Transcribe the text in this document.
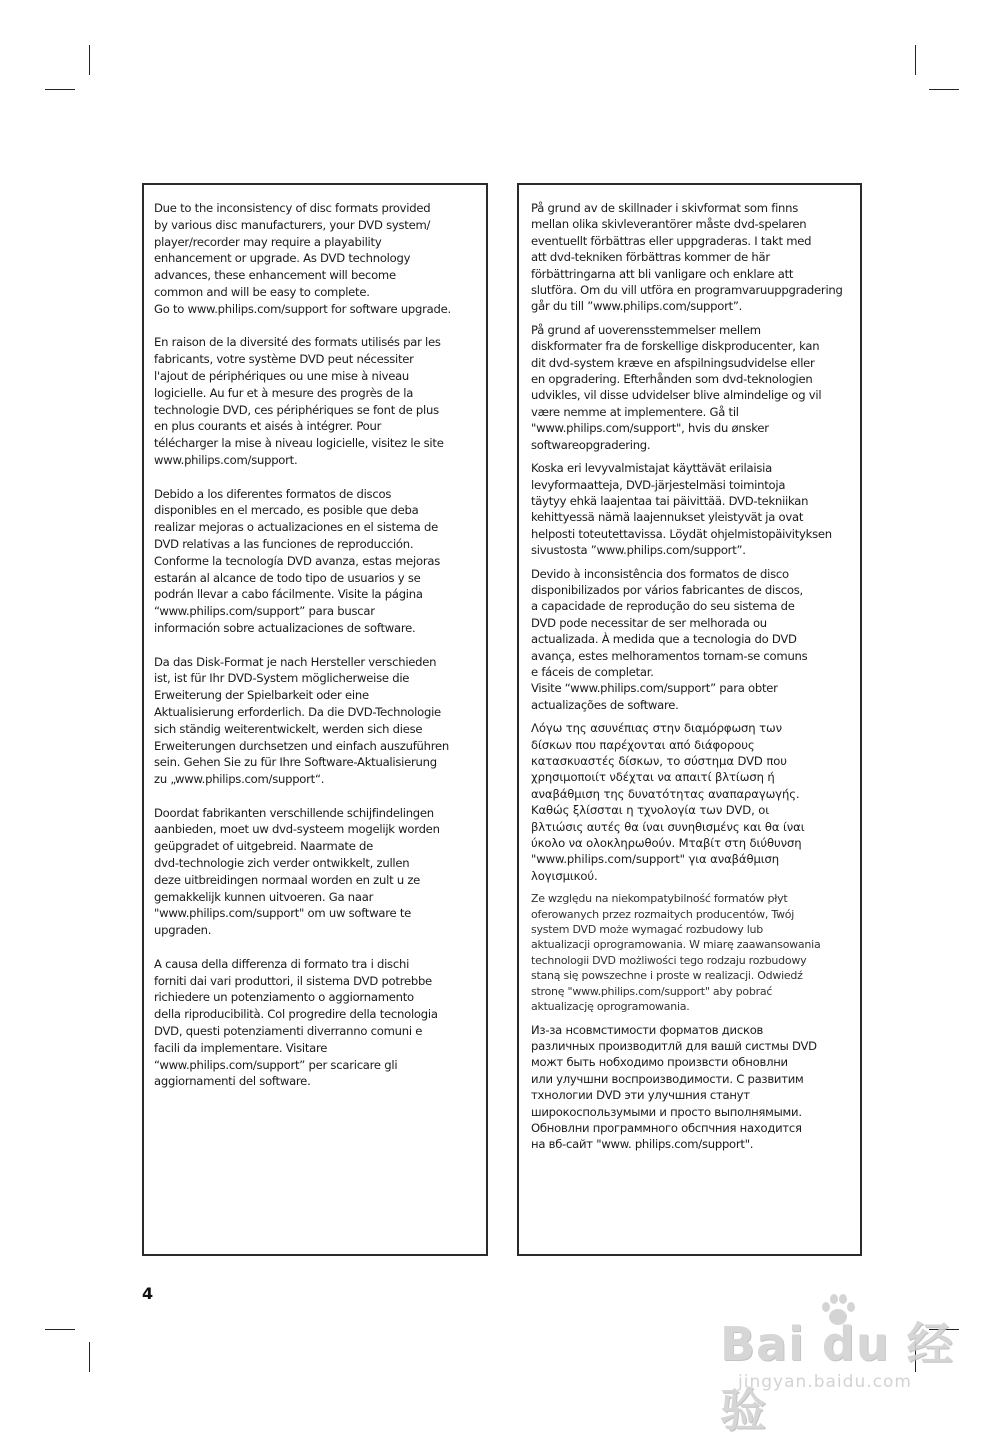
Due to the inconsistency of disc formats provided
by various disc manufacturers, your DVD system/
player/recorder may require a playability
enhancement or upgrade. As DVD technology
advances, these enhancement will become
common and will be easy to complete.
Go to www.philips.com/support for software upgrade.

En raison de la diversité des formats utilisés par les
fabricants, votre système DVD peut nécessiter
l'ajout de périphériques ou une mise à niveau
logicielle. Au fur et à mesure des progrès de la
technologie DVD, ces périphériques se font de plus
en plus courants et aisés à intégrer. Pour
télécharger la mise à niveau logicielle, visitez le site
www.philips.com/support.

Debido a los diferentes formatos de discos
disponibles en el mercado, es posible que deba
realizar mejoras o actualizaciones en el sistema de
DVD relativas a las funciones de reproducción.
Conforme la tecnología DVD avanza, estas mejoras
estarán al alcance de todo tipo de usuarios y se
podrán llevar a cabo fácilmente. Visite la página
“www.philips.com/support” para buscar
información sobre actualizaciones de software.

Da das Disk-Format je nach Hersteller verschieden
ist, ist für Ihr DVD-System möglicherweise die
Erweiterung der Spielbarkeit oder eine
Aktualisierung erforderlich. Da die DVD-Technologie
sich ständig weiterentwickelt, werden sich diese
Erweiterungen durchsetzen und einfach auszuführen
sein. Gehen Sie zu für Ihre Software-Aktualisierung
zu „www.philips.com/support“.

Doordat fabrikanten verschillende schijfindelingen
aanbieden, moet uw dvd-systeem mogelijk worden
geüpgradet of uitgebreid. Naarmate de
dvd-technologie zich verder ontwikkelt, zullen
deze uitbreidingen normaal worden en zult u ze
gemakkelijk kunnen uitvoeren. Ga naar
"www.philips.com/support" om uw software te
upgraden.

A causa della differenza di formato tra i dischi
forniti dai vari produttori, il sistema DVD potrebbe
richiedere un potenziamento o aggiornamento
della riproducibilità. Col progredire della tecnologia
DVD, questi potenziamenti diverranno comuni e
facili da implementare. Visitare
“www.philips.com/support” per scaricare gli
aggiornamenti del software.

På grund av de skillnader i skivformat som finns
mellan olika skivleverantörer måste dvd-spelaren
eventuellt förbättras eller uppgraderas. I takt med
att dvd-tekniken förbättras kommer de här
förbättringarna att bli vanligare och enklare att
slutföra. Om du vill utföra en programvaruuppgradering
går du till ”www.philips.com/support”.

På grund af uoverensstemmelser mellem
diskformater fra de forskellige diskproducenter, kan
dit dvd-system kræve en afspilningsudvidelse eller
en opgradering. Efterhånden som dvd-teknologien
udvikles, vil disse udvidelser blive almindelige og vil
være nemme at implementere. Gå til
"www.philips.com/support", hvis du ønsker
softwareopgradering.

Koska eri levyvalmistajat käyttävät erilaisia
levyformaatteja, DVD-järjestelmäsi toimintoja
täytyy ehkä laajentaa tai päivittää. DVD-tekniikan
kehittyessä nämä laajennukset yleistyvät ja ovat
helposti toteutettavissa. Löydät ohjelmistopäivityksen
sivustosta ”www.philips.com/support”.

Devido à inconsistência dos formatos de disco
disponibilizados por vários fabricantes de discos,
a capacidade de reprodução do seu sistema de
DVD pode necessitar de ser melhorada ou
actualizada. À medida que a tecnologia do DVD
avança, estes melhoramentos tornam-se comuns
e fáceis de completar.
Visite “www.philips.com/support” para obter
actualizações de software.

Λόγω της ασυνέπιας στην διαμόρφωση των
δίσκων που παρέχονται από διάφορους
κατασκυαστές δίσκων, το σύστημα DVD που
χρησιμοποιίτ νδέχται να απαιτί βλτίωση ή
αναβάθμιση της δυνατότητας αναπαραγωγής.
Καθώς ξλίσσται η τχνολογία των DVD, οι
βλτιώσις αυτές θα ίναι συνηθισμένς και θα ίναι
ύκολο να ολοκληρωθούν. Μταβίτ στη διύθυνση
"www.philips.com/support" για αναβάθμιση
λογισμικού.

Ze względu na niekompatybilność formatów płyt
oferowanych przez rozmaitych producentów, Twój
system DVD może wymagać rozbudowy lub
aktualizacji oprogramowania. W miarę zaawansowania
technologii DVD możliwości tego rodzaju rozbudowy
staną się powszechne i proste w realizacji. Odwiedź
stronę "www.philips.com/support" aby pobrać
aktualizację oprogramowania.

Из-за нсовмстимости форматов дисков
различных производитлй для вашй систмы DVD
можт быть нобходимо произвсти обновлни
или улучшни воспроизводимости. С развитим
тхнологии DVD эти улучшния станут
широкоспользумыми и просто выполнямыми.
Обновлни программного обспчния находится
на вб-сайт "www. philips.com/support".

4
Bai du 经验
jingyan.baidu.com
